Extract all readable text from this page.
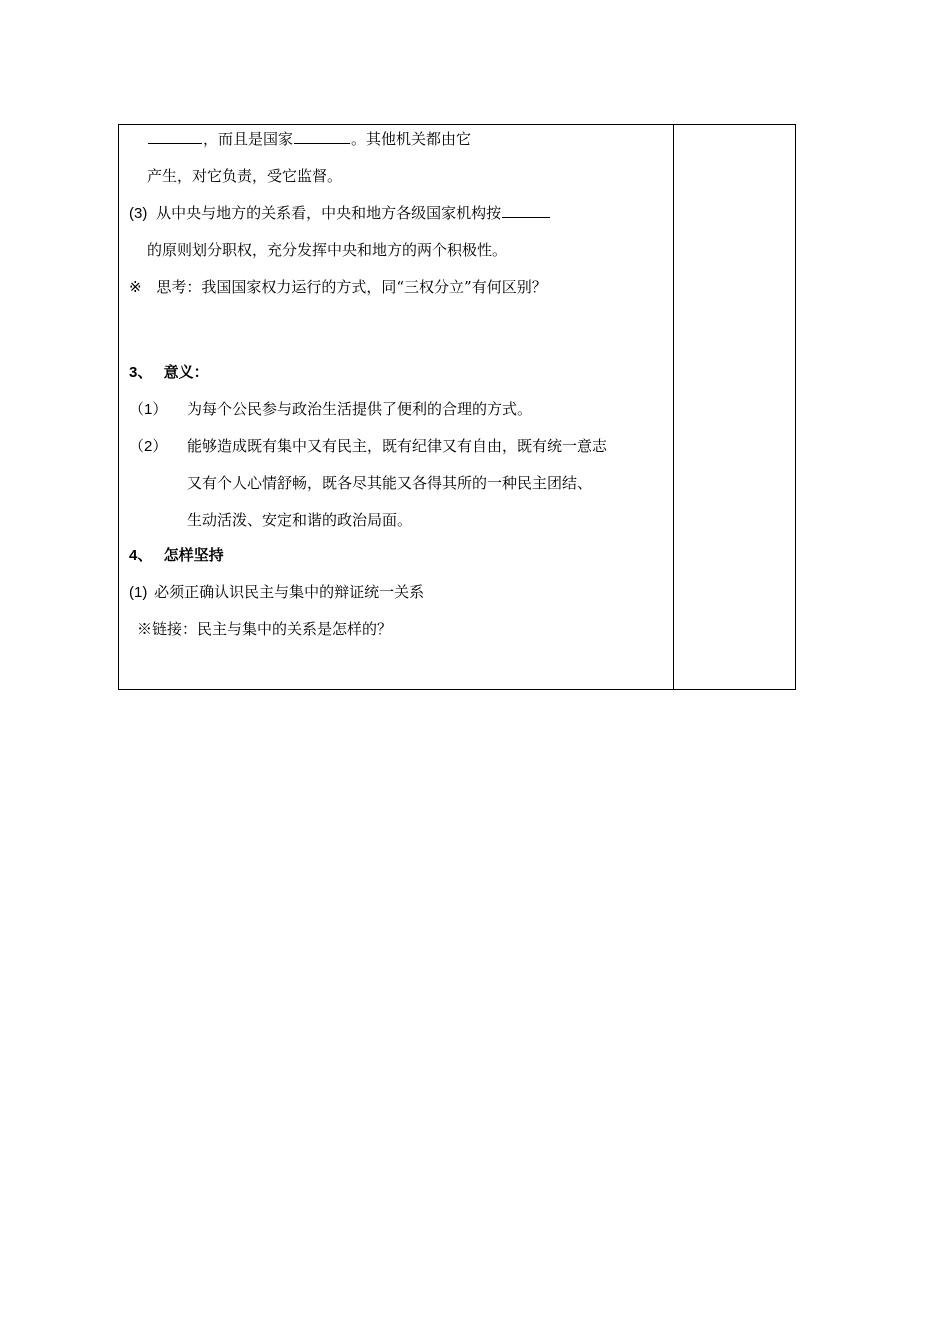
，而且是国家	。其他机关都由它
产生，对它负责，受它监督。
(3) 从中央与地方的关系看，中央和地方各级国家机构按
的原则划分职权，充分发挥中央和地方的两个积极性。
※ 思考：我国国家权力运行的方式，同“三权分立”有何区别？
3、 意义：
（1） 为每个公民参与政治生活提供了便利的合理的方式。
（2） 能够造成既有集中又有民主，既有纪律又有自由，既有统一意志
又有个人心情舒畅，既各尽其能又各得其所的一种民主团结、
生动活泼、安定和谐的政治局面。
4、 怎样坚持
(1) 必须正确认识民主与集中的辩证统一关系
※链接：民主与集中的关系是怎样的？
